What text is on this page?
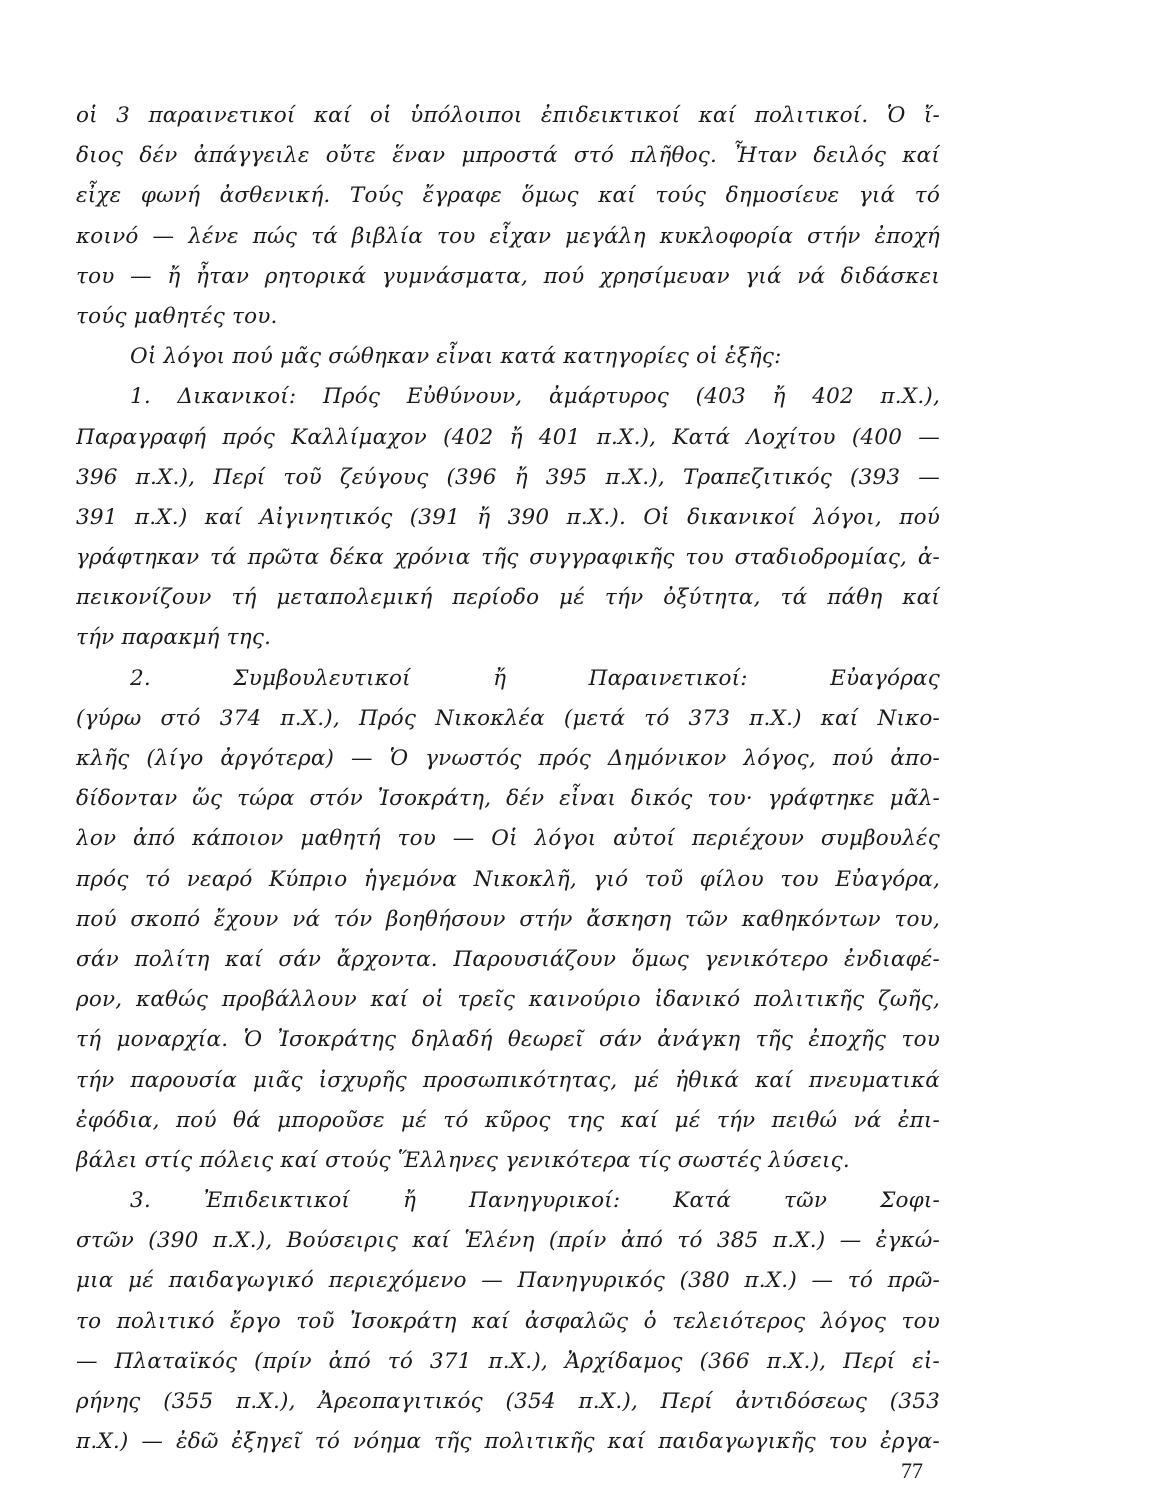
οἱ 3 παραινετικοί καί οἱ ὑπόλοιποι ἐπιδεικτικοί καί πολιτικοί. Ὁ ἴ-
διος δέν ἀπάγγειλε οὔτε ἕναν μπροστά στό πλῆθος. Ἦταν δειλός καί
εἶχε φωνή ἀσθενική. Τούς ἔγραφε ὅμως καί τούς δημοσίευε γιά τό
κοινό — λένε πώς τά βιβλία του εἶχαν μεγάλη κυκλοφορία στήν ἐποχή
του — ἤ ἦταν ρητορικά γυμνάσματα, πού χρησίμευαν γιά νά διδάσκει
τούς μαθητές του.
Οἱ λόγοι πού μᾶς σώθηκαν εἶναι κατά κατηγορίες οἱ ἑξῆς:
1. Δικανικοί: Πρός Εὐθύνουν, ἀμάρτυρος (403 ἤ 402 π.Χ.),
Παραγραφή πρός Καλλίμαχον (402 ἤ 401 π.Χ.), Κατά Λοχίτου (400 —
396 π.Χ.), Περί τοῦ ζεύγους (396 ἤ 395 π.Χ.), Τραπεζιτικός (393 —
391 π.Χ.) καί Αἰγινητικός (391 ἤ 390 π.Χ.). Οἱ δικανικοί λόγοι, πού
γράφτηκαν τά πρῶτα δέκα χρόνια τῆς συγγραφικῆς του σταδιοδρομίας, ἀ-
πεικονίζουν τή μεταπολεμική περίοδο μέ τήν ὀξύτητα, τά πάθη καί
τήν παρακμή της.
2. Συμβουλευτικοί ἤ Παραινετικοί: Εὐαγόρας
(γύρω στό 374 π.Χ.), Πρός Νικοκλέα (μετά τό 373 π.Χ.) καί Νικο-
κλῆς (λίγο ἀργότερα) — Ὁ γνωστός πρός Δημόνικον λόγος, πού ἀπο-
δίδονταν ὥς τώρα στόν Ἰσοκράτη, δέν εἶναι δικός του· γράφτηκε μᾶλ-
λον ἀπό κάποιον μαθητή του — Οἱ λόγοι αὐτοί περιέχουν συμβουλές
πρός τό νεαρό Κύπριο ἡγεμόνα Νικοκλῆ, γιό τοῦ φίλου του Εὐαγόρα,
πού σκοπό ἔχουν νά τόν βοηθήσουν στήν ἄσκηση τῶν καθηκόντων του,
σάν πολίτη καί σάν ἄρχοντα. Παρουσιάζουν ὅμως γενικότερο ἐνδιαφέ-
ρον, καθώς προβάλλουν καί οἱ τρεῖς καινούριο ἰδανικό πολιτικῆς ζωῆς,
τή μοναρχία. Ὁ Ἰσοκράτης δηλαδή θεωρεῖ σάν ἀνάγκη τῆς ἐποχῆς του
τήν παρουσία μιᾶς ἰσχυρῆς προσωπικότητας, μέ ἠθικά καί πνευματικά
ἐφόδια, πού θά μποροῦσε μέ τό κῦρος της καί μέ τήν πειθώ νά ἐπι-
βάλει στίς πόλεις καί στούς Ἕλληνες γενικότερα τίς σωστές λύσεις.
3. Ἐπιδεικτικοί ἤ Πανηγυρικοί: Κατά τῶν Σοφι-
στῶν (390 π.Χ.), Βούσειρις καί Ἑλένη (πρίν ἀπό τό 385 π.Χ.) — ἐγκώ-
μια μέ παιδαγωγικό περιεχόμενο — Πανηγυρικός (380 π.Χ.) — τό πρῶ-
το πολιτικό ἔργο τοῦ Ἰσοκράτη καί ἀσφαλῶς ὁ τελειότερος λόγος του
— Πλαταϊκός (πρίν ἀπό τό 371 π.Χ.), Ἀρχίδαμος (366 π.Χ.), Περί εἰ-
ρήνης (355 π.Χ.), Ἀρεοπαγιτικός (354 π.Χ.), Περί ἀντιδόσεως (353
π.Χ.) — ἐδῶ ἐξηγεῖ τό νόημα τῆς πολιτικῆς καί παιδαγωγικῆς του ἐργα-
77
